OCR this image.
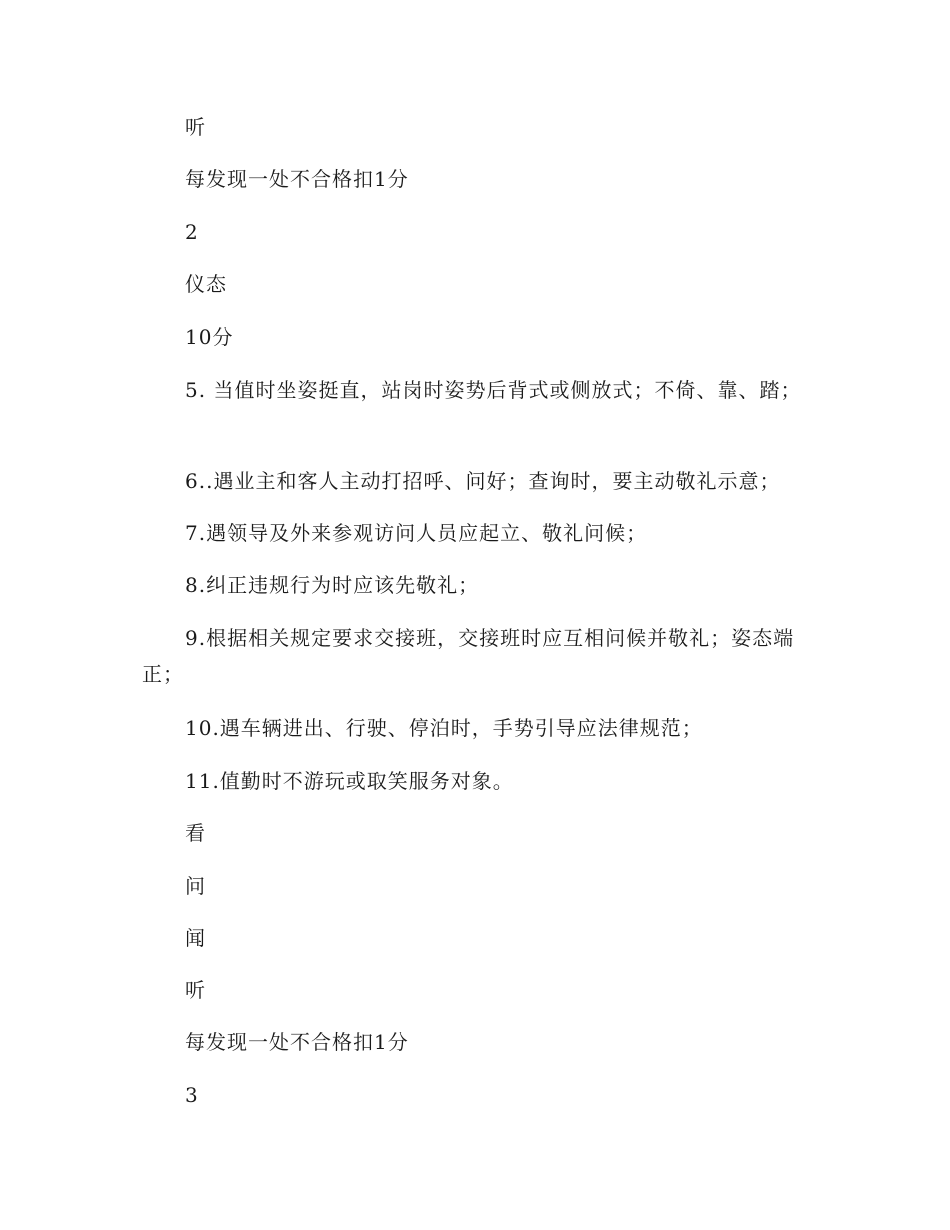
听

每发现一处不合格扣1分

2

仪态

10分

5. 当值时坐姿挺直，站岗时姿势后背式或侧放式；不倚、靠、踏；

6..遇业主和客人主动打招呼、问好；查询时，要主动敬礼示意；

7.遇领导及外来参观访问人员应起立、敬礼问候；

8.纠正违规行为时应该先敬礼；

9.根据相关规定要求交接班，交接班时应互相问候并敬礼；姿态端正；

10.遇车辆进出、行驶、停泊时，手势引导应法律规范；

11.值勤时不游玩或取笑服务对象。

看

问

闻

听

每发现一处不合格扣1分

3
